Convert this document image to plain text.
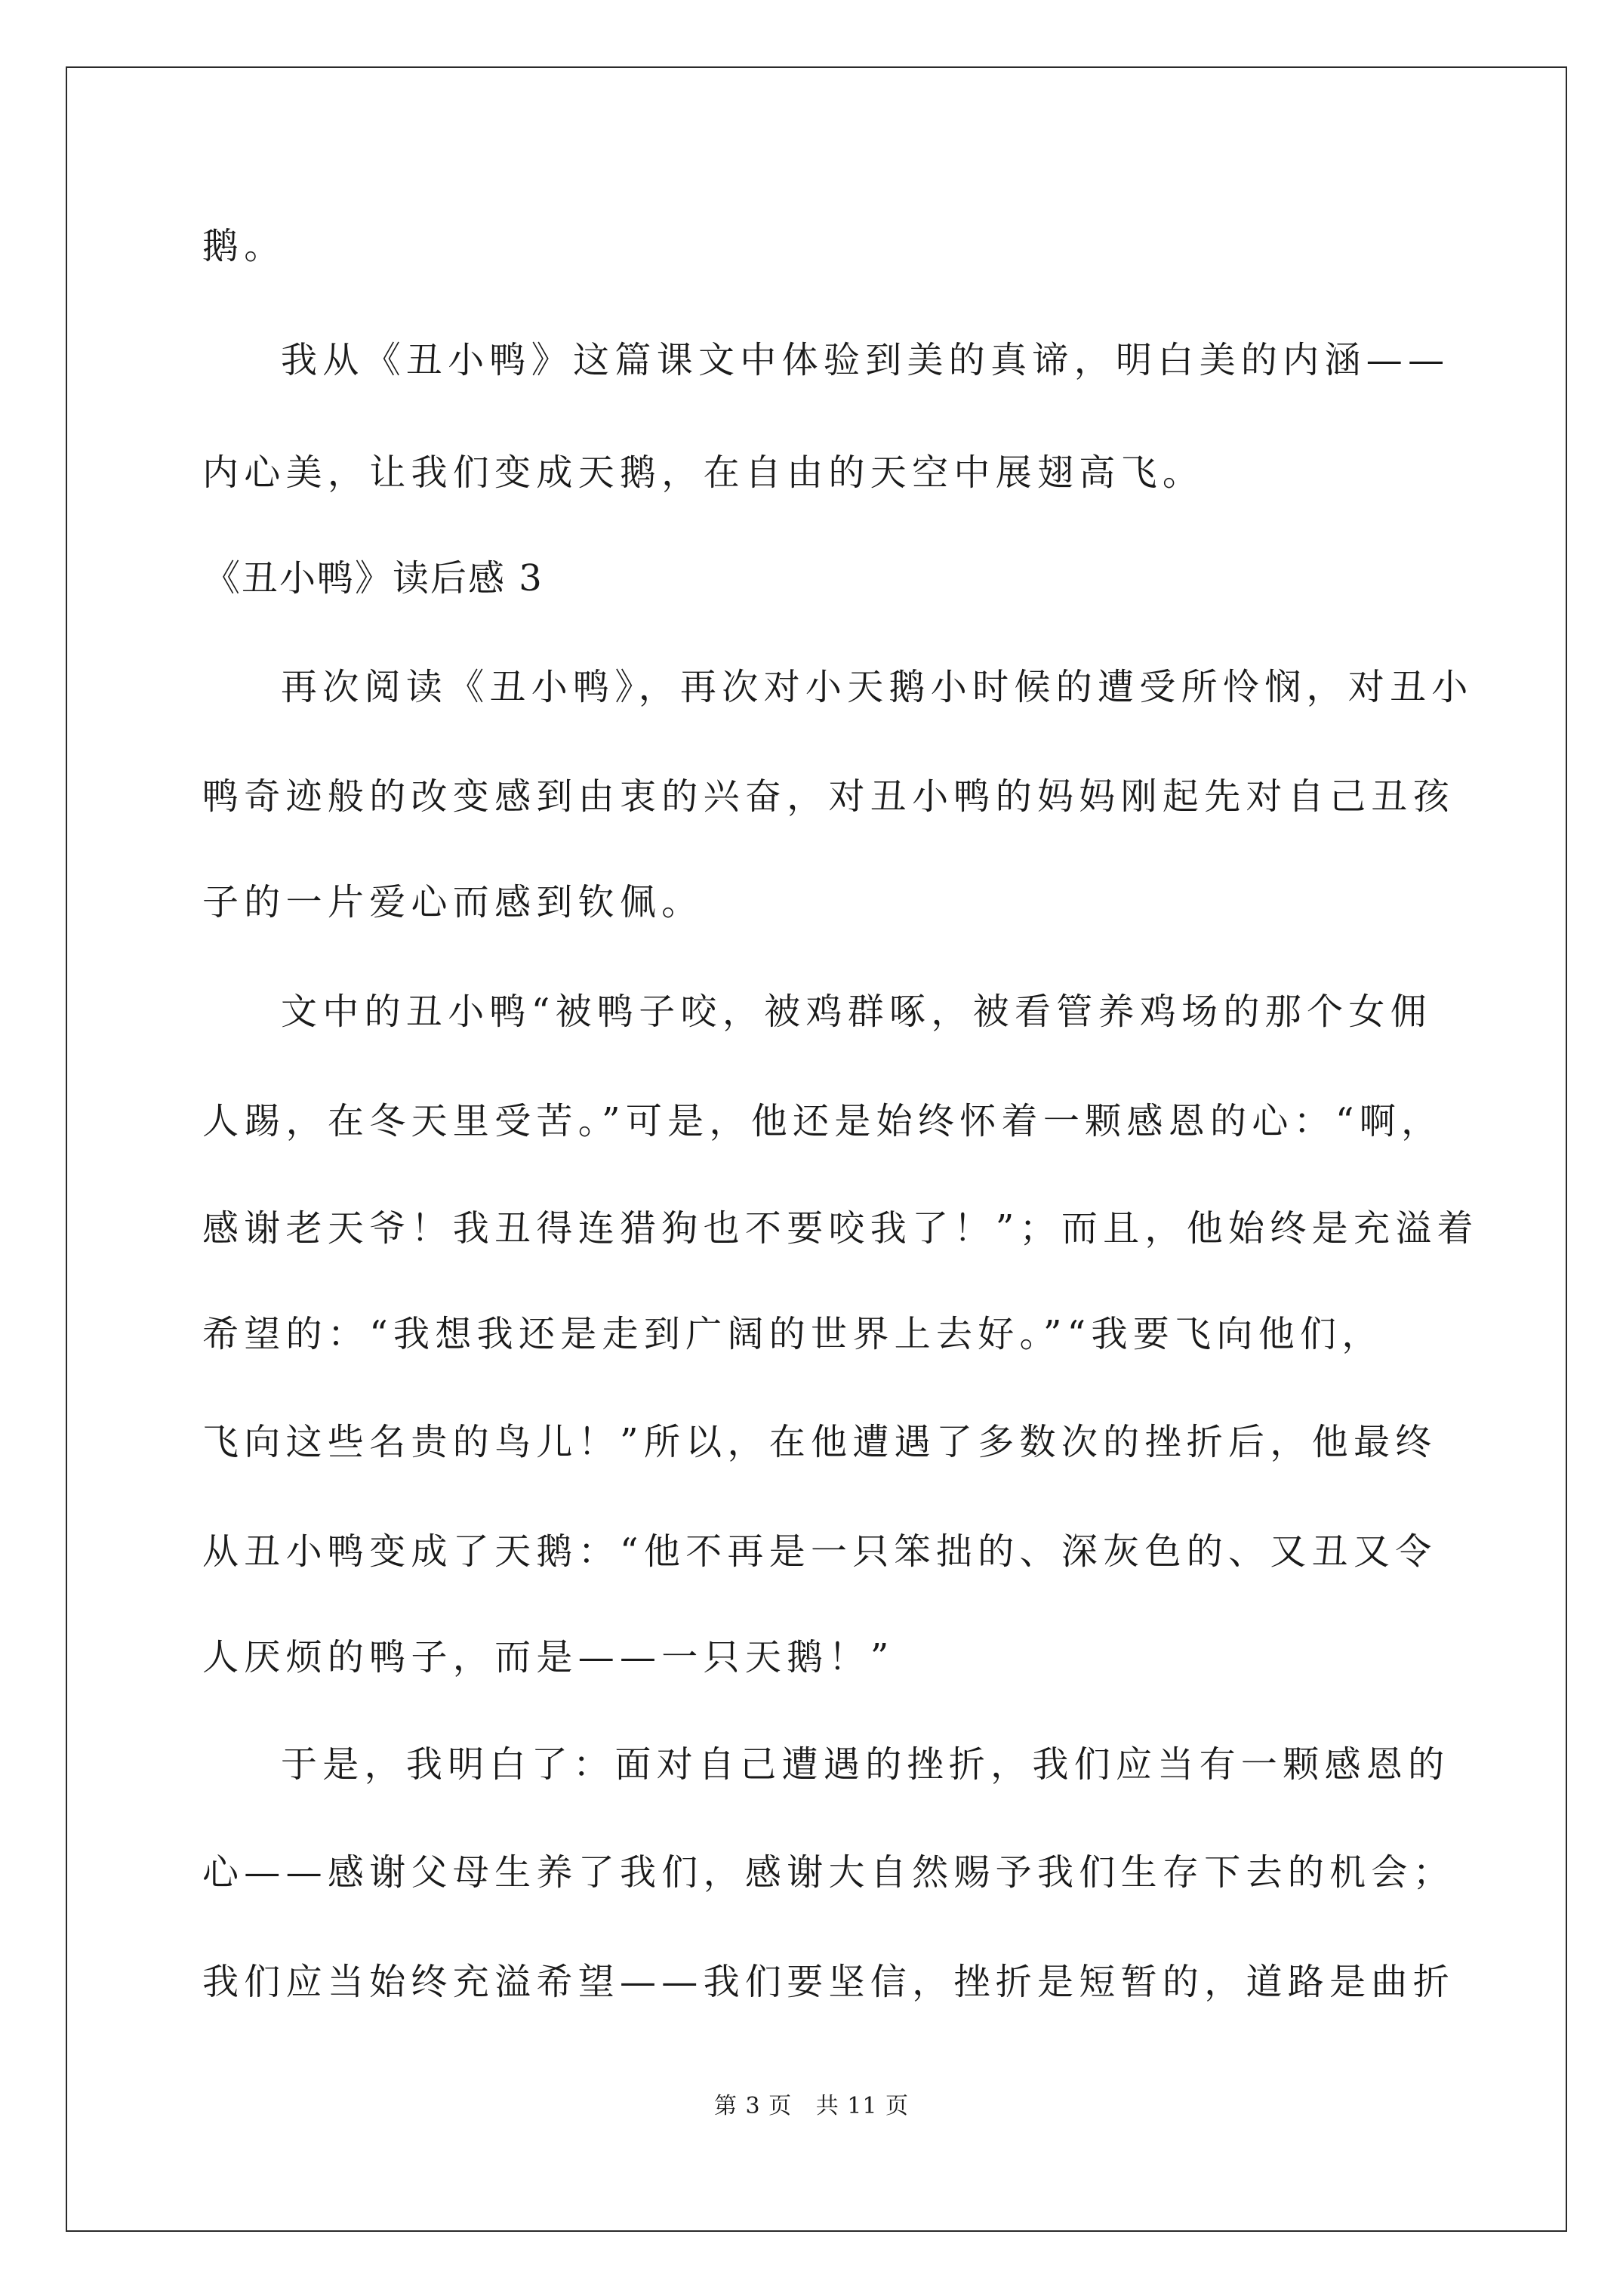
鹅。
我从《丑小鸭》这篇课文中体验到美的真谛，明白美的内涵——
内心美，让我们变成天鹅，在自由的天空中展翅高飞。
《丑小鸭》读后感 3
再次阅读《丑小鸭》，再次对小天鹅小时候的遭受所怜悯，对丑小
鸭奇迹般的改变感到由衷的兴奋，对丑小鸭的妈妈刚起先对自己丑孩
子的一片爱心而感到钦佩。
文中的丑小鸭“被鸭子咬，被鸡群啄，被看管养鸡场的那个女佣
人踢，在冬天里受苦。”可是，他还是始终怀着一颗感恩的心：“啊，
感谢老天爷！我丑得连猎狗也不要咬我了！”；而且，他始终是充溢着
希望的：“我想我还是走到广阔的世界上去好。”“我要飞向他们，
飞向这些名贵的鸟儿！”所以，在他遭遇了多数次的挫折后，他最终
从丑小鸭变成了天鹅：“他不再是一只笨拙的、深灰色的、又丑又令
人厌烦的鸭子，而是——一只天鹅！”
于是，我明白了：面对自己遭遇的挫折，我们应当有一颗感恩的
心——感谢父母生养了我们，感谢大自然赐予我们生存下去的机会；
我们应当始终充溢希望——我们要坚信，挫折是短暂的，道路是曲折
第 3 页 共 11 页
